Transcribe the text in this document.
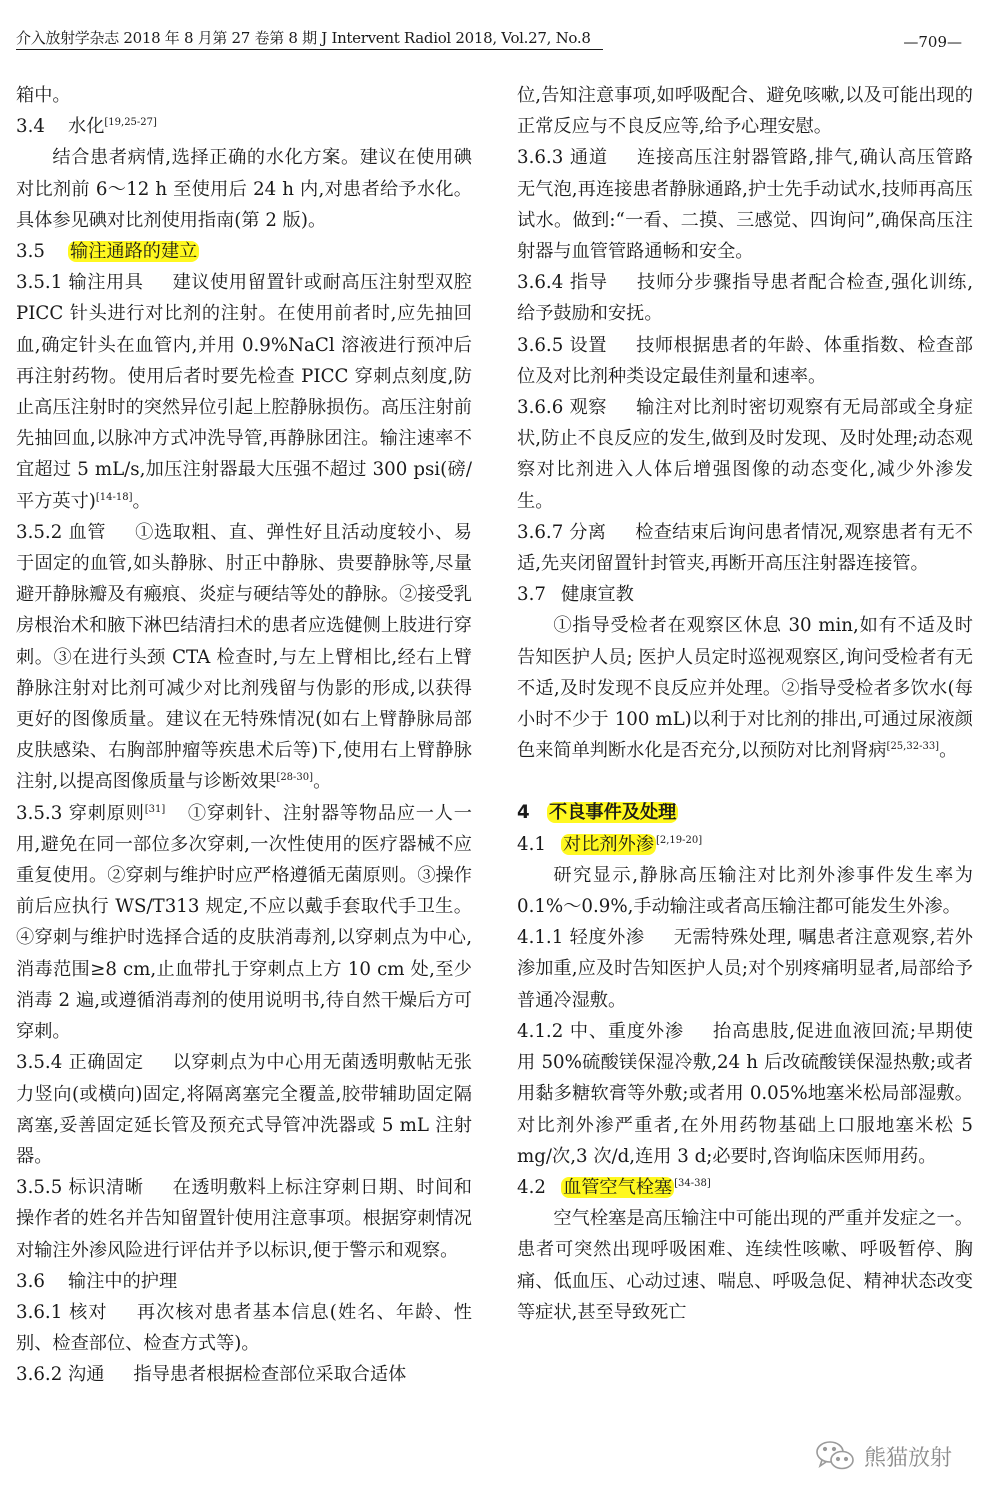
介入放射学杂志 2018 年 8 月第 27 卷第 8 期 J Intervent Radiol 2018, Vol.27, No.8	—709—

箱中。

3.4 水化[19,25-27]

结合患者病情,选择正确的水化方案。建议在使用碘对比剂前 6～12 h 至使用后 24 h 内,对患者给予水化。具体参见碘对比剂使用指南(第 2 版)。

3.5 输注通路的建立

3.5.1 输注用具 建议使用留置针或耐高压注射型双腔 PICC 针头进行对比剂的注射。在使用前者时,应先抽回血,确定针头在血管内,并用 0.9%NaCl 溶液进行预冲后再注射药物。使用后者时要先检查 PICC 穿刺点刻度,防止高压注射时的突然异位引起上腔静脉损伤。高压注射前先抽回血,以脉冲方式冲洗导管,再静脉团注。输注速率不宜超过 5 mL/s,加压注射器最大压强不超过 300 psi(磅/平方英寸)[14-18]。

3.5.2 血管 ①选取粗、直、弹性好且活动度较小、易于固定的血管,如头静脉、肘正中静脉、贵要静脉等,尽量避开静脉瓣及有瘢痕、炎症与硬结等处的静脉。②接受乳房根治术和腋下淋巴结清扫术的患者应选健侧上肢进行穿刺。③在进行头颈 CTA 检查时,与左上臂相比,经右上臂静脉注射对比剂可减少对比剂残留与伪影的形成,以获得更好的图像质量。建议在无特殊情况(如右上臂静脉局部皮肤感染、右胸部肿瘤等疾患术后等)下,使用右上臂静脉注射,以提高图像质量与诊断效果[28-30]。

3.5.3 穿刺原则[31] ①穿刺针、注射器等物品应一人一用,避免在同一部位多次穿刺,一次性使用的医疗器械不应重复使用。②穿刺与维护时应严格遵循无菌原则。③操作前后应执行 WS/T313 规定,不应以戴手套取代手卫生。④穿刺与维护时选择合适的皮肤消毒剂,以穿刺点为中心,消毒范围≥8 cm,止血带扎于穿刺点上方 10 cm 处,至少消毒 2 遍,或遵循消毒剂的使用说明书,待自然干燥后方可穿刺。

3.5.4 正确固定 以穿刺点为中心用无菌透明敷帖无张力竖向(或横向)固定,将隔离塞完全覆盖,胶带辅助固定隔离塞,妥善固定延长管及预充式导管冲洗器或 5 mL 注射器。

3.5.5 标识清晰 在透明敷料上标注穿刺日期、时间和操作者的姓名并告知留置针使用注意事项。根据穿刺情况对输注外渗风险进行评估并予以标识,便于警示和观察。

3.6 输注中的护理

3.6.1 核对 再次核对患者基本信息(姓名、年龄、性别、检查部位、检查方式等)。

3.6.2 沟通 指导患者根据检查部位采取合适体

位,告知注意事项,如呼吸配合、避免咳嗽,以及可能出现的正常反应与不良反应等,给予心理安慰。

3.6.3 通道 连接高压注射器管路,排气,确认高压管路无气泡,再连接患者静脉通路,护士先手动试水,技师再高压试水。做到:“一看、二摸、三感觉、四询问”,确保高压注射器与血管管路通畅和安全。

3.6.4 指导 技师分步骤指导患者配合检查,强化训练,给予鼓励和安抚。

3.6.5 设置 技师根据患者的年龄、体重指数、检查部位及对比剂种类设定最佳剂量和速率。

3.6.6 观察 输注对比剂时密切观察有无局部或全身症状,防止不良反应的发生,做到及时发现、及时处理;动态观察对比剂进入人体后增强图像的动态变化,减少外渗发生。

3.6.7 分离 检查结束后询问患者情况,观察患者有无不适,先夹闭留置针封管夹,再断开高压注射器连接管。

3.7 健康宣教

①指导受检者在观察区休息 30 min,如有不适及时告知医护人员; 医护人员定时巡视观察区,询问受检者有无不适,及时发现不良反应并处理。②指导受检者多饮水(每小时不少于 100 mL)以利于对比剂的排出,可通过尿液颜色来简单判断水化是否充分,以预防对比剂肾病[25,32-33]。

4 不良事件及处理

4.1 对比剂外渗 [2,19-20]

研究显示,静脉高压输注对比剂外渗事件发生率为 0.1%～0.9%,手动输注或者高压输注都可能发生外渗。

4.1.1 轻度外渗 无需特殊处理, 嘱患者注意观察,若外渗加重,应及时告知医护人员;对个别疼痛明显者,局部给予普通冷湿敷。

4.1.2 中、重度外渗 抬高患肢,促进血液回流;早期使用 50%硫酸镁保湿冷敷,24 h 后改硫酸镁保湿热敷;或者用黏多糖软膏等外敷;或者用 0.05%地塞米松局部湿敷。对比剂外渗严重者,在外用药物基础上口服地塞米松 5 mg/次,3 次/d,连用 3 d;必要时,咨询临床医师用药。

4.2 血管空气栓塞 [34-38]

空气栓塞是高压输注中可能出现的严重并发症之一。患者可突然出现呼吸困难、连续性咳嗽、呼吸暂停、胸痛、低血压、心动过速、喘息、呼吸急促、精神状态改变等症状,甚至导致死亡

熊猫放射
